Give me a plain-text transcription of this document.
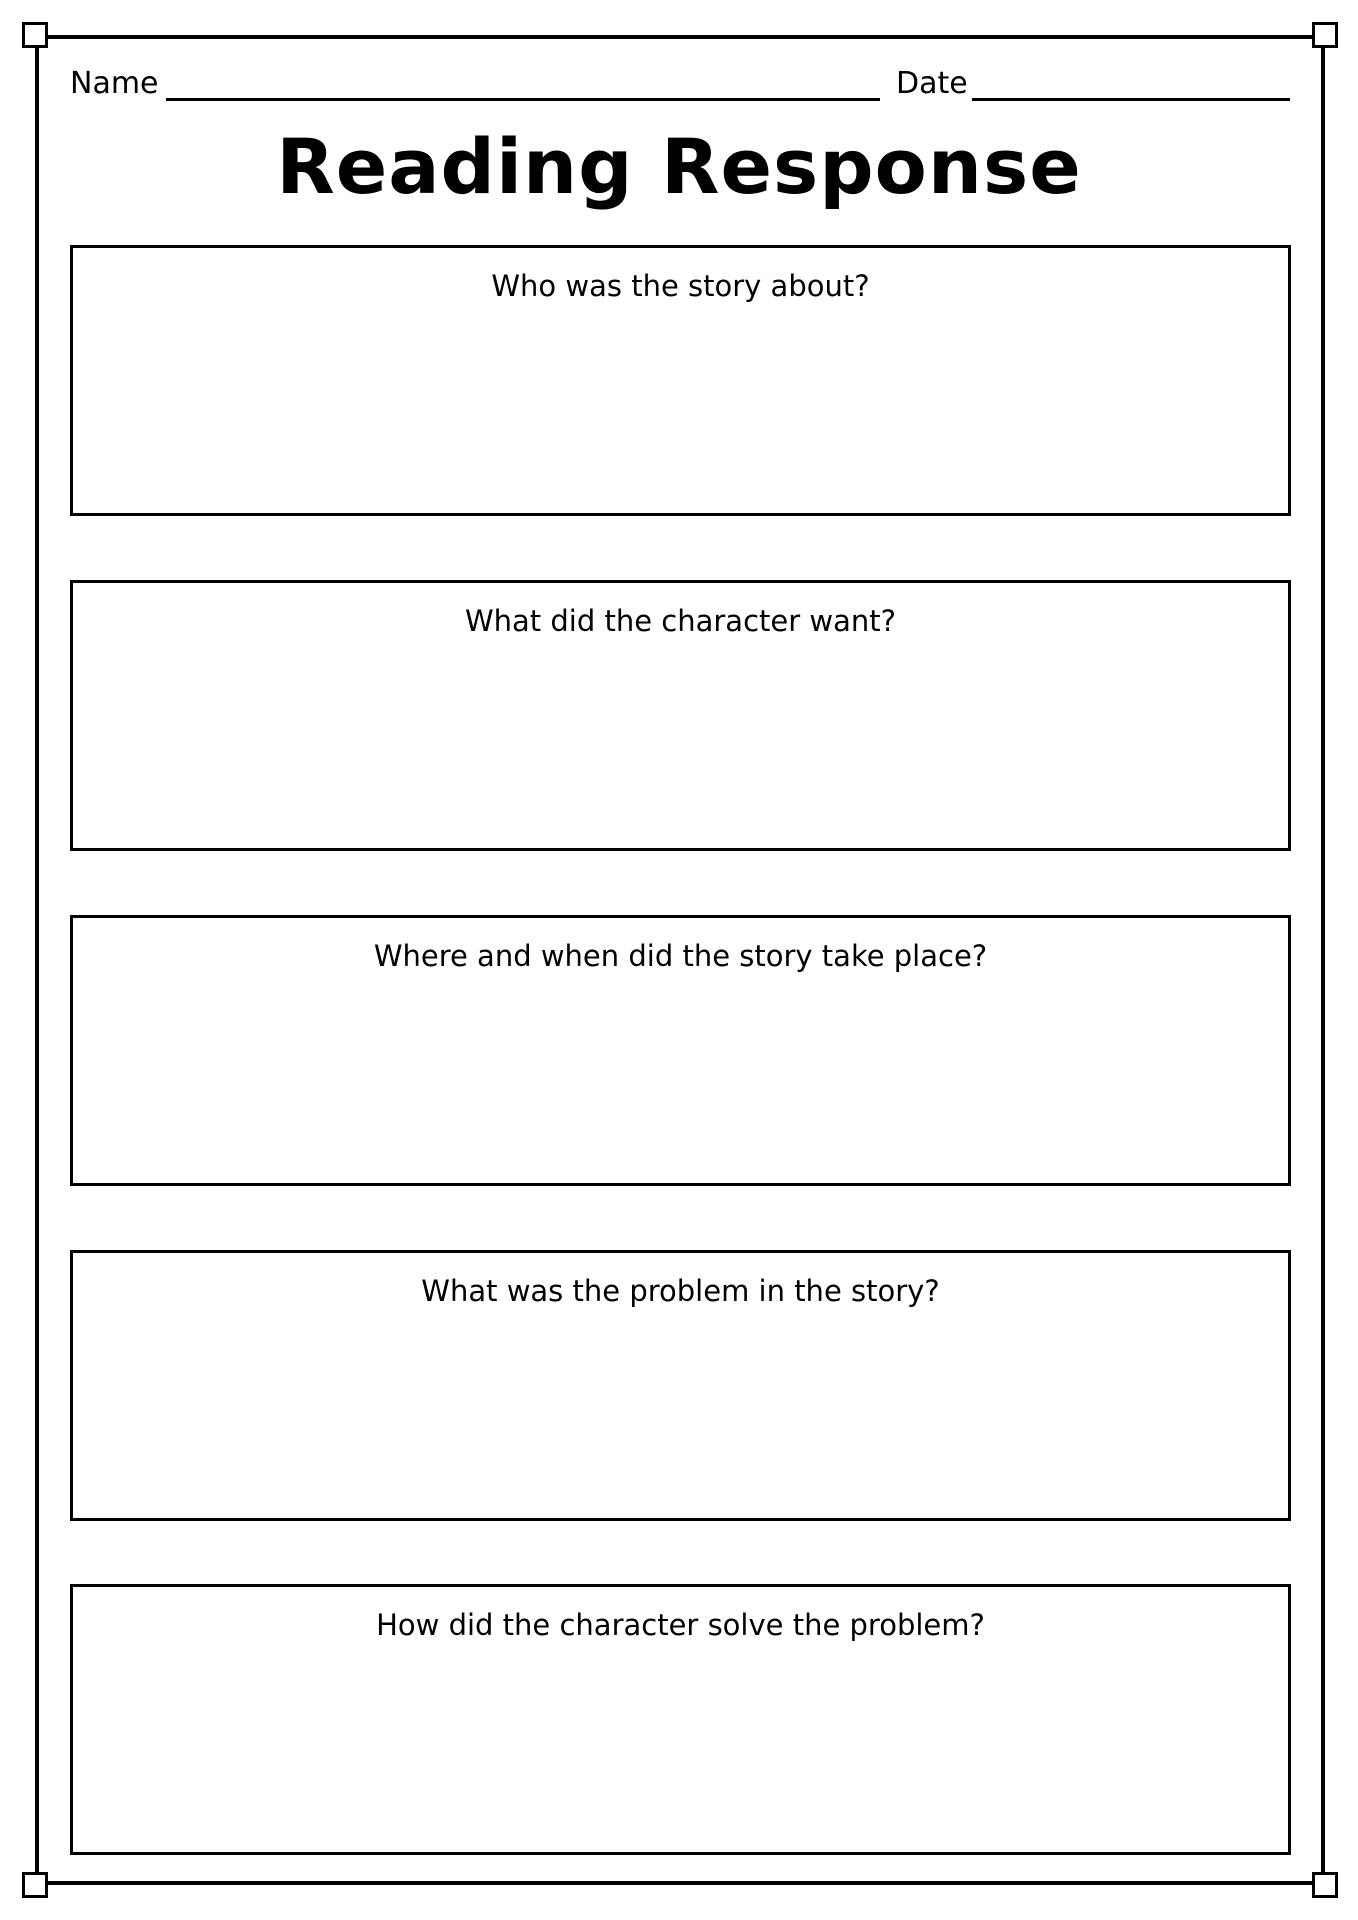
Name	Date
Reading Response
Who was the story about?
What did the character want?
Where and when did the story take place?
What was the problem in the story?
How did the character solve the problem?
